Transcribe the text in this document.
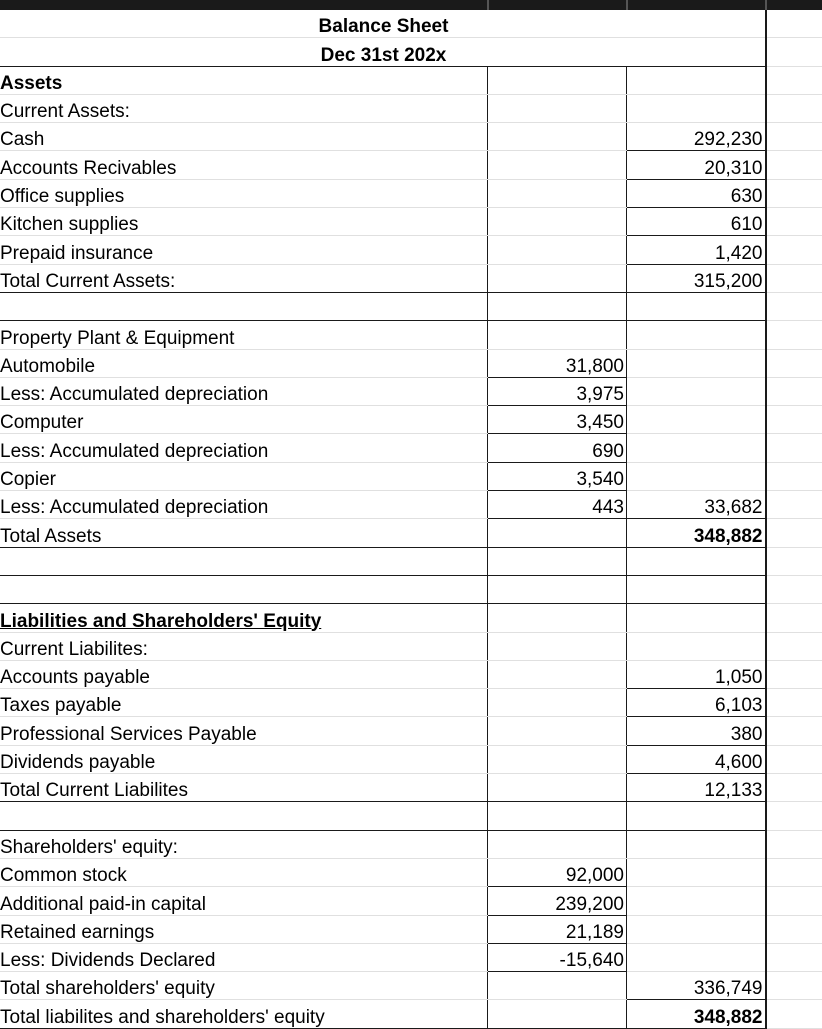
Balance Sheet			
Dec 31st 202x			
Assets			
Current Assets:			
Cash		292,230	
Accounts Recivables		20,310	
Office supplies		630	
Kitchen supplies		610	
Prepaid insurance		1,420	
Total Current Assets:		315,200	

Property Plant & Equipment			
Automobile	31,800		
Less: Accumulated depreciation	3,975		
Computer	3,450		
Less: Accumulated depreciation	690		
Copier	3,540		
Less: Accumulated depreciation	443	33,682	
Total Assets		348,882	

Liabilities and Shareholders' Equity			
Current Liabilites:			
Accounts payable		1,050	
Taxes payable		6,103	
Professional Services Payable		380	
Dividends payable		4,600	
Total Current Liabilites		12,133	

Shareholders' equity:			
Common stock	92,000		
Additional paid-in capital	239,200		
Retained earnings	21,189		
Less: Dividends Declared	-15,640		
Total shareholders' equity		336,749	
Total liabilites and shareholders' equity		348,882	
